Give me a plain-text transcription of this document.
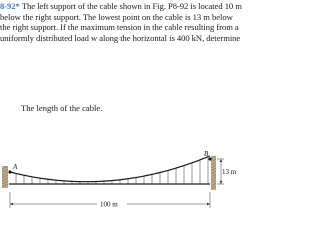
8-92* The left support of the cable shown in Fig. P8-92 is located 10 m below the right support. The lowest point on the cable is 13 m below the right support. If the maximum tension in the cable resulting from a uniformly distributed load w along the horizontal is 400 kN, determine

The length of the cable.

A
B
13 m
100 m
